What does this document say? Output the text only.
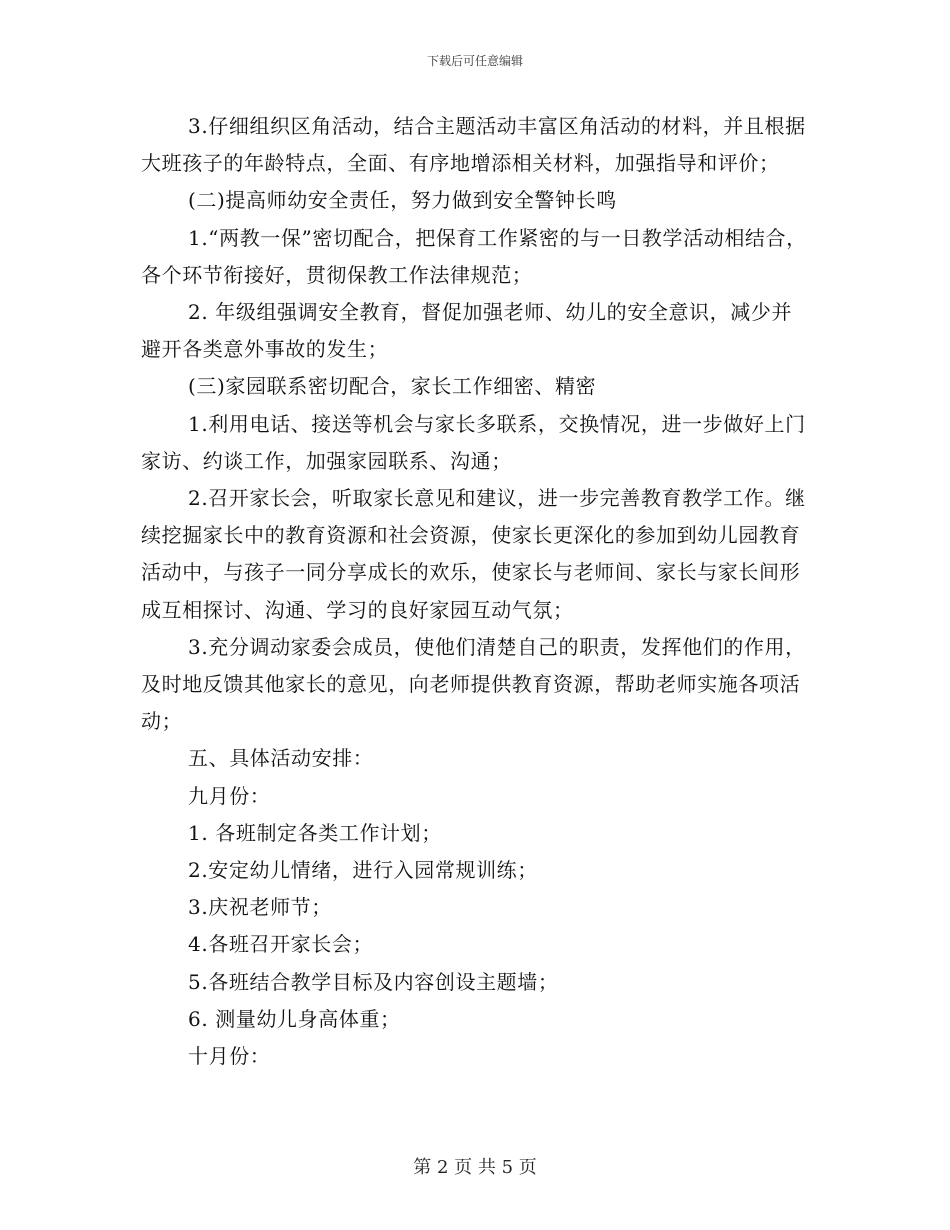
下载后可任意编辑

3.仔细组织区角活动，结合主题活动丰富区角活动的材料，并且根据大班孩子的年龄特点，全面、有序地增添相关材料，加强指导和评价；

(二)提高师幼安全责任，努力做到安全警钟长鸣

1.“两教一保”密切配合，把保育工作紧密的与一日教学活动相结合，各个环节衔接好，贯彻保教工作法律规范；

2. 年级组强调安全教育，督促加强老师、幼儿的安全意识，减少并避开各类意外事故的发生；

(三)家园联系密切配合，家长工作细密、精密

1.利用电话、接送等机会与家长多联系，交换情况，进一步做好上门家访、约谈工作，加强家园联系、沟通；

2.召开家长会，听取家长意见和建议，进一步完善教育教学工作。继续挖掘家长中的教育资源和社会资源，使家长更深化的参加到幼儿园教育活动中，与孩子一同分享成长的欢乐，使家长与老师间、家长与家长间形成互相探讨、沟通、学习的良好家园互动气氛；

3.充分调动家委会成员，使他们清楚自己的职责，发挥他们的作用，及时地反馈其他家长的意见，向老师提供教育资源，帮助老师实施各项活动；

五、具体活动安排：

九月份：

1. 各班制定各类工作计划；

2.安定幼儿情绪，进行入园常规训练；

3.庆祝老师节；

4.各班召开家长会；

5.各班结合教学目标及内容创设主题墙；

6. 测量幼儿身高体重；

十月份：

第 2 页 共 5 页
